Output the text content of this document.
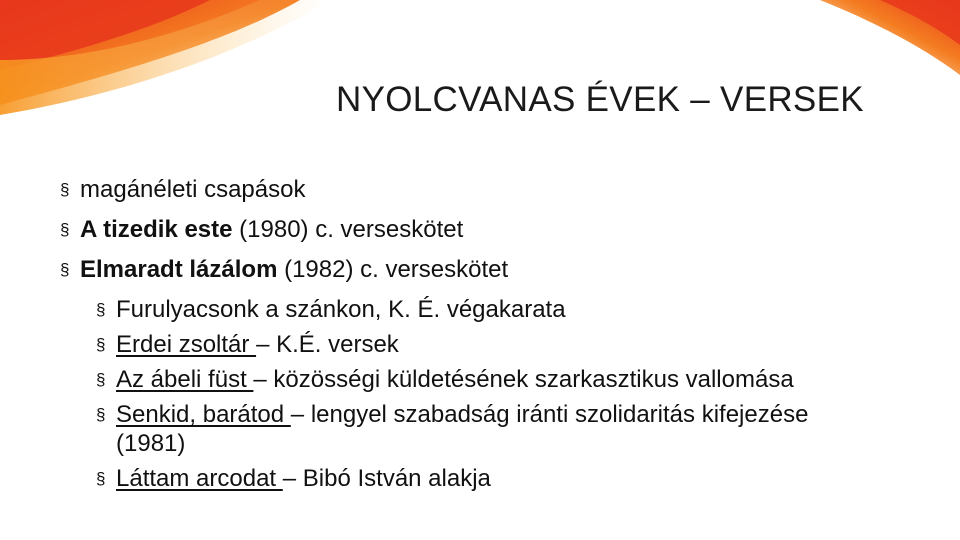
NYOLCVANAS ÉVEK – VERSEK
§ magánéleti csapások
§ A tizedik este (1980) c. verseskötet
§ Elmaradt lázálom (1982) c. verseskötet
§ Furulyacsonk a szánkon, K. É. végakarata
§ Erdei zsoltár – K.É. versek
§ Az ábeli füst – közösségi küldetésének szarkasztikus vallomása
§ Senkid, barátod – lengyel szabadság iránti szolidaritás kifejezése (1981)
§ Láttam arcodat – Bibó István alakja
